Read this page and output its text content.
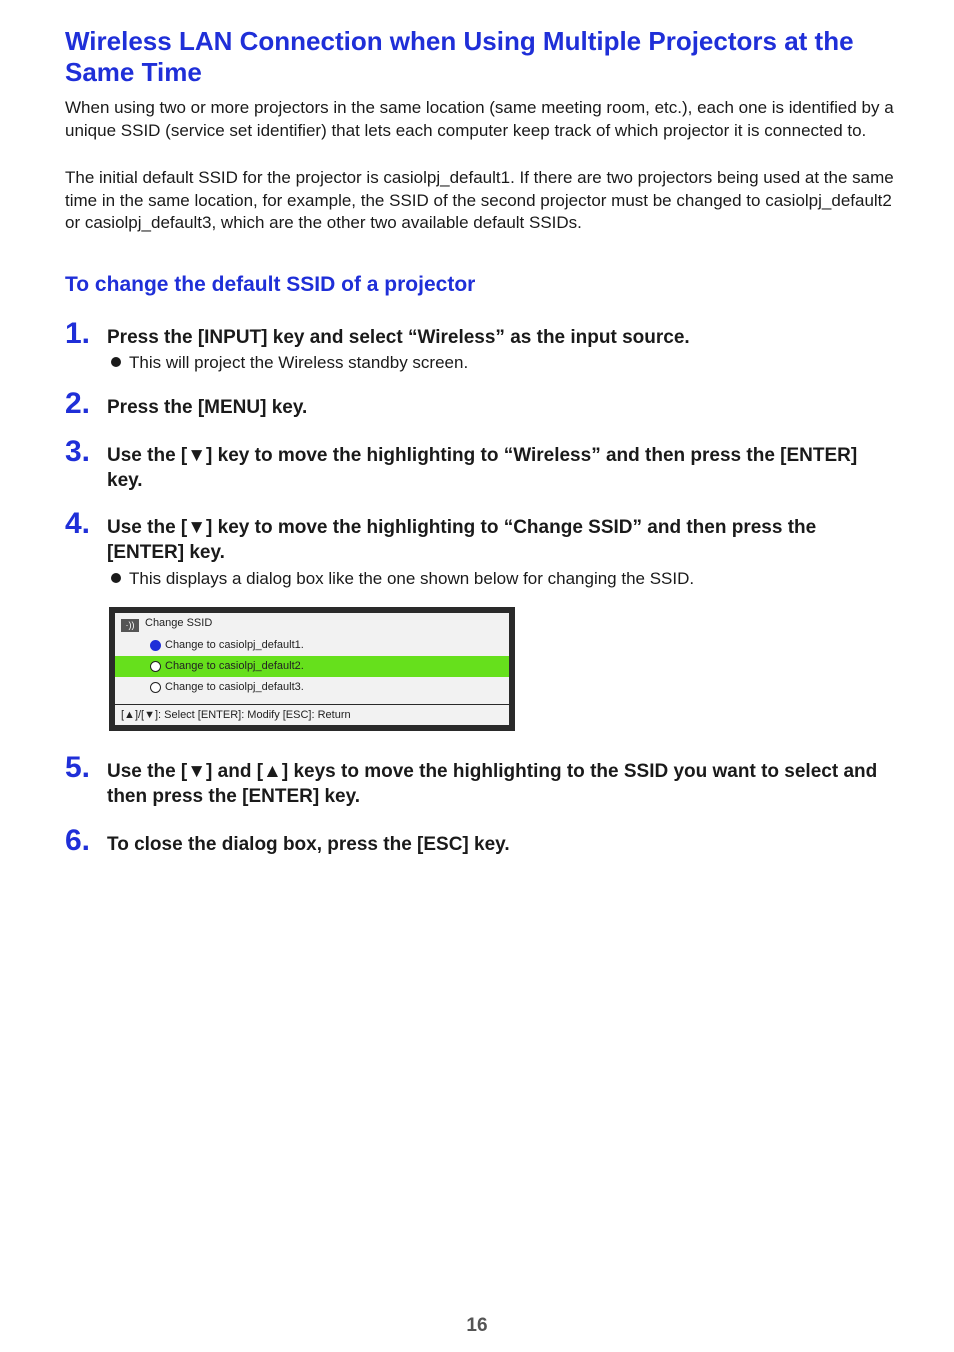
Wireless LAN Connection when Using Multiple Projectors at the Same Time
When using two or more projectors in the same location (same meeting room, etc.), each one is identified by a unique SSID (service set identifier) that lets each computer keep track of which projector it is connected to.
The initial default SSID for the projector is casiolpj_default1. If there are two projectors being used at the same time in the same location, for example, the SSID of the second projector must be changed to casiolpj_default2 or casiolpj_default3, which are the other two available default SSIDs.
To change the default SSID of a projector
1. Press the [INPUT] key and select “Wireless” as the input source.
This will project the Wireless standby screen.
2. Press the [MENU] key.
3. Use the [▼] key to move the highlighting to “Wireless” and then press the [ENTER] key.
4. Use the [▼] key to move the highlighting to “Change SSID” and then press the [ENTER] key.
This displays a dialog box like the one shown below for changing the SSID.
·)) Change SSID
Change to casiolpj_default1.
Change to casiolpj_default2.
Change to casiolpj_default3.
[▲]/[▼]: Select [ENTER]: Modify [ESC]: Return
5. Use the [▼] and [▲] keys to move the highlighting to the SSID you want to select and then press the [ENTER] key.
6. To close the dialog box, press the [ESC] key.
16
